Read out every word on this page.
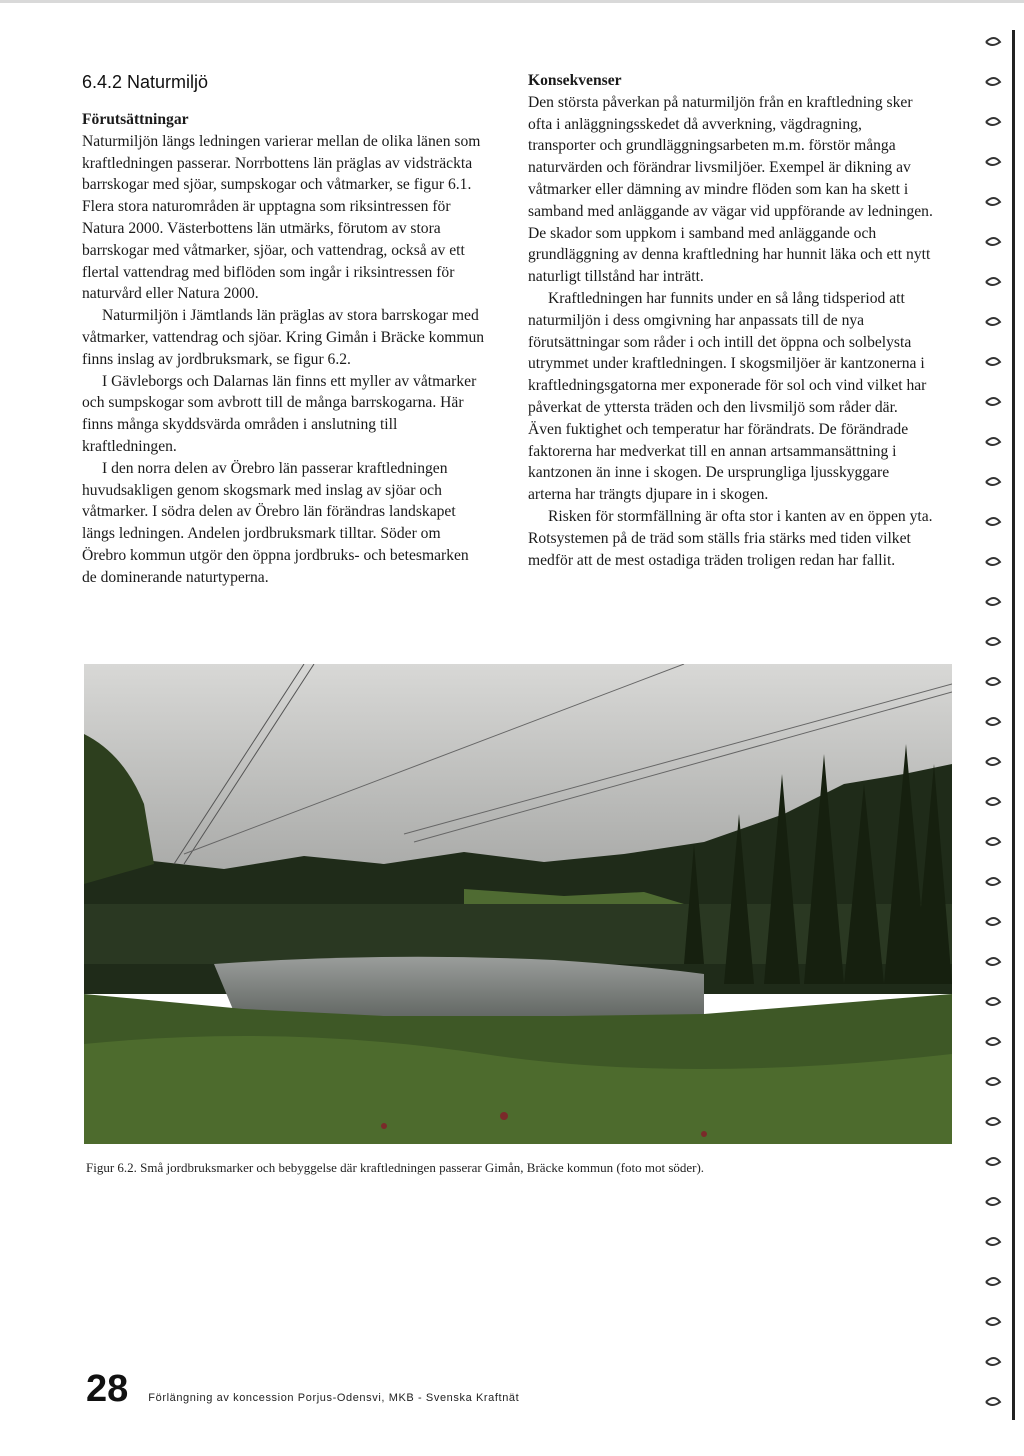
6.4.2 Naturmiljö

Förutsättningar

Naturmiljön längs ledningen varierar mellan de olika länen som kraftledningen passerar. Norrbottens län präglas av vidsträckta barrskogar med sjöar, sumpskogar och våtmarker, se figur 6.1. Flera stora naturområden är upptagna som riksintressen för Natura 2000. Västerbottens län utmärks, förutom av stora barrskogar med våtmarker, sjöar, och vattendrag, också av ett flertal vattendrag med biflöden som ingår i riksintressen för naturvård eller Natura 2000.

Naturmiljön i Jämtlands län präglas av stora barrskogar med våtmarker, vattendrag och sjöar. Kring Gimån i Bräcke kommun finns inslag av jordbruksmark, se figur 6.2.

I Gävleborgs och Dalarnas län finns ett myller av våtmarker och sumpskogar som avbrott till de många barrskogarna. Här finns många skyddsvärda områden i anslutning till kraftledningen.

I den norra delen av Örebro län passerar kraftledningen huvudsakligen genom skogsmark med inslag av sjöar och våtmarker. I södra delen av Örebro län förändras landskapet längs ledningen. Andelen jordbruksmark tilltar. Söder om Örebro kommun utgör den öppna jordbruks- och betesmarken de dominerande naturtyperna.

Konsekvenser

Den största påverkan på naturmiljön från en kraftledning sker ofta i anläggningsskedet då avverkning, vägdragning, transporter och grundläggningsarbeten m.m. förstör många naturvärden och förändrar livsmiljöer. Exempel är dikning av våtmarker eller dämning av mindre flöden som kan ha skett i samband med anläggande av vägar vid uppförande av ledningen. De skador som uppkom i samband med anläggande och grundläggning av denna kraftledning har hunnit läka och ett nytt naturligt tillstånd har inträtt.

Kraftledningen har funnits under en så lång tidsperiod att naturmiljön i dess omgivning har anpassats till de nya förutsättningar som råder i och intill det öppna och solbelysta utrymmet under kraftledningen. I skogsmiljöer är kantzonerna i kraftledningsgatorna mer exponerade för sol och vind vilket har påverkat de yttersta träden och den livsmiljö som råder där. Även fuktighet och temperatur har förändrats. De förändrade faktorerna har medverkat till en annan artsammansättning i kantzonen än inne i skogen. De ursprungliga ljusskyggare arterna har trängts djupare in i skogen.

Risken för stormfällning är ofta stor i kanten av en öppen yta. Rotsystemen på de träd som ställs fria stärks med tiden vilket medför att de mest ostadiga träden troligen redan har fallit.

Figur 6.2. Små jordbruksmarker och bebyggelse där kraftledningen passerar Gimån, Bräcke kommun (foto mot söder).

28 Förlängning av koncession Porjus-Odensvi, MKB - Svenska Kraftnät
